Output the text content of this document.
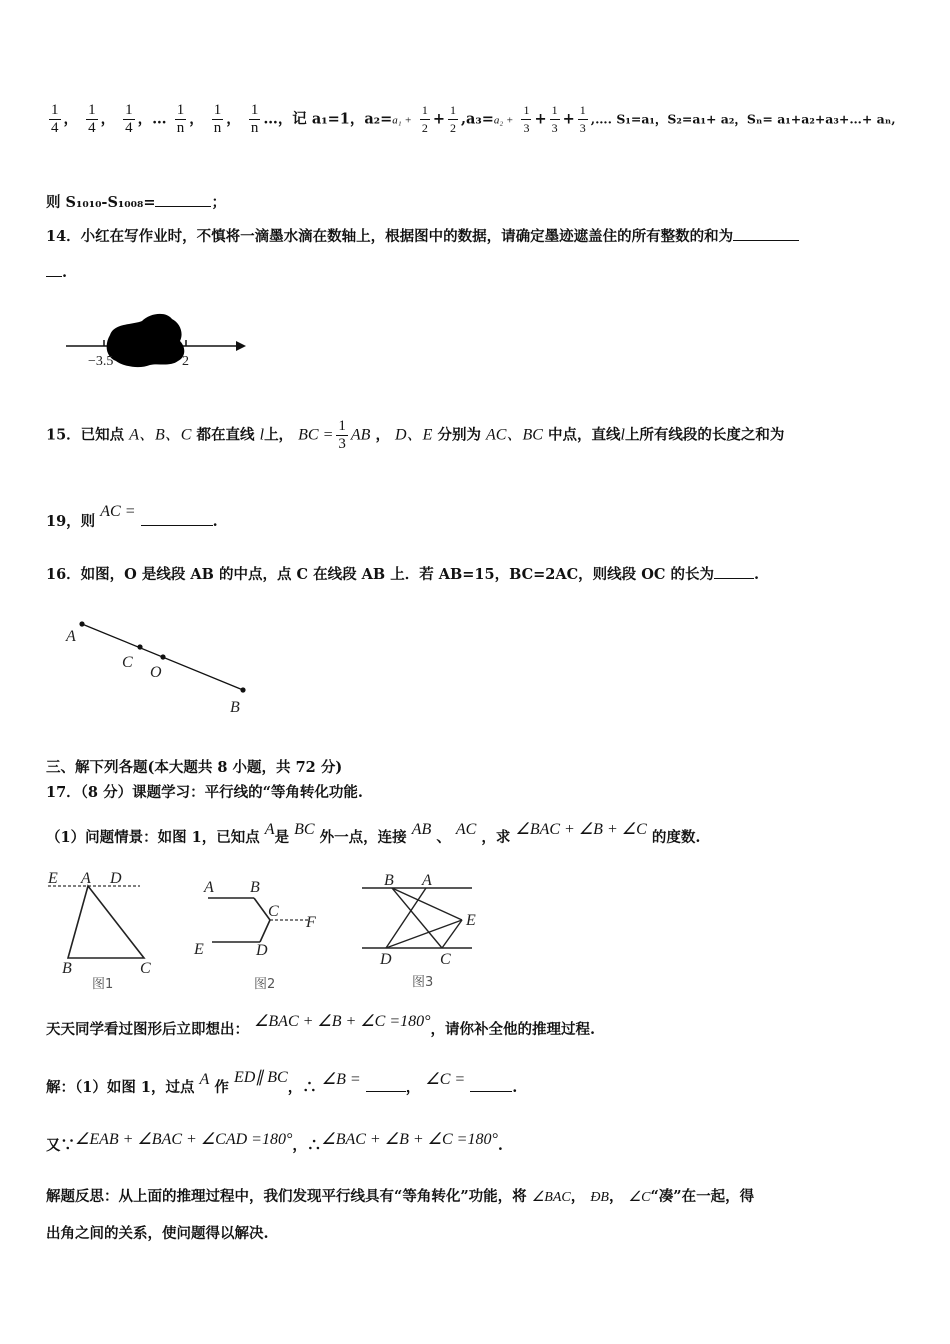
$\frac{1}{4}$ ， $\frac{1}{4}$ ， $\frac{1}{4}$ ，… $\frac{1}{n}$ ， $\frac{1}{n}$ ， $\frac{1}{n}$ …，记 a₁=1，$a_2=a_1 + \frac{1}{2} + \frac{1}{2} ,a_3=a_2 + \frac{1}{3} + \frac{1}{3} + \frac{1}{3}$ ,…. S₁=a₁，S₂=a₁+ a₂，Sₙ= a₁+a₂+a₃+…+ aₙ,
则 S₁₀₁₀-S₁₀₀₈=	；
14．小红在写作业时，不慎将一滴墨水滴在数轴上，根据图中的数据，请确定墨迹遮盖住的所有整数的和为
.
−3.5	2
15．已知点 A、B、C 都在直线 l上， BC = $\frac{1}{3}$ AB ， D、E 分别为 AC、BC 中点，直线l上所有线段的长度之和为
19，则 AC = .
16．如图，O 是线段 AB 的中点，点 C 在线段 AB 上．若 AB=15，BC=2AC，则线段 OC 的长为	.
A
C
O
B
三、解下列各题(本大题共 8 小题，共 72 分)
17．（8 分）课题学习：平行线的“等角转化功能.
（1）问题情景：如图 1，已知点 A是 BC 外一点，连接 AB 、 AC ，求 ∠BAC + ∠B + ∠C 的度数.
E A D
B	C
图1
A B
C
F
E	D
图2
B A
E
D	C
图3
天天同学看过图形后立即想出： ∠BAC + ∠B + ∠C =180°，请你补全他的推理过程.
解：（1）如图 1，过点 A 作 ED∥ BC，∴ ∠B =	， ∠C =	.
又∵∠EAB + ∠BAC + ∠CAD =180°，∴∠BAC + ∠B + ∠C =180°.
解题反思：从上面的推理过程中，我们发现平行线具有“等角转化”功能，将 ∠BAC， ÐB， ∠C“凑”在一起，得
出角之间的关系，使问题得以解决.
